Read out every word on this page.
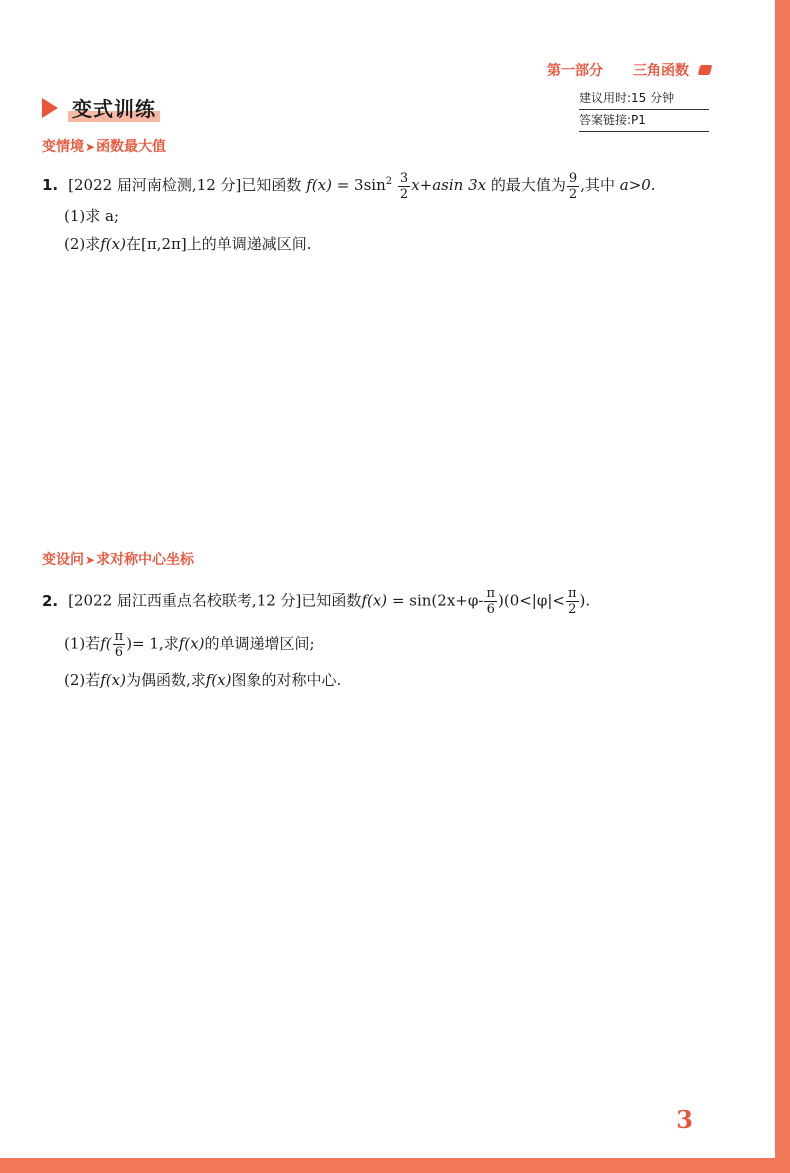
第一部分 三角函数
建议用时:15 分钟
答案链接:P1
变式训练
变情境➤函数最大值
1. [2022 届河南检测,12 分]已知函数 $f(x) = 3\sin^2 \frac{3}{2} x+asin$ 3x 的最大值为 $\frac{9}{2}$ ,其中 a>0.
(1)求 a;
(2)求f(x)在[π,2π]上的单调递减区间.
变设问➤求对称中心坐标
2. [2022 届江西重点名校联考,12 分]已知函数$f(x) = \sin(2x+\varphi- \frac{\pi}{6} )(0<|\varphi|< \frac{\pi}{2}$ ).
(1)若$f( \frac{\pi}{6}$ )= 1,求f(x)的单调递增区间;
(2)若f(x)为偶函数,求f(x)图象的对称中心.
3
